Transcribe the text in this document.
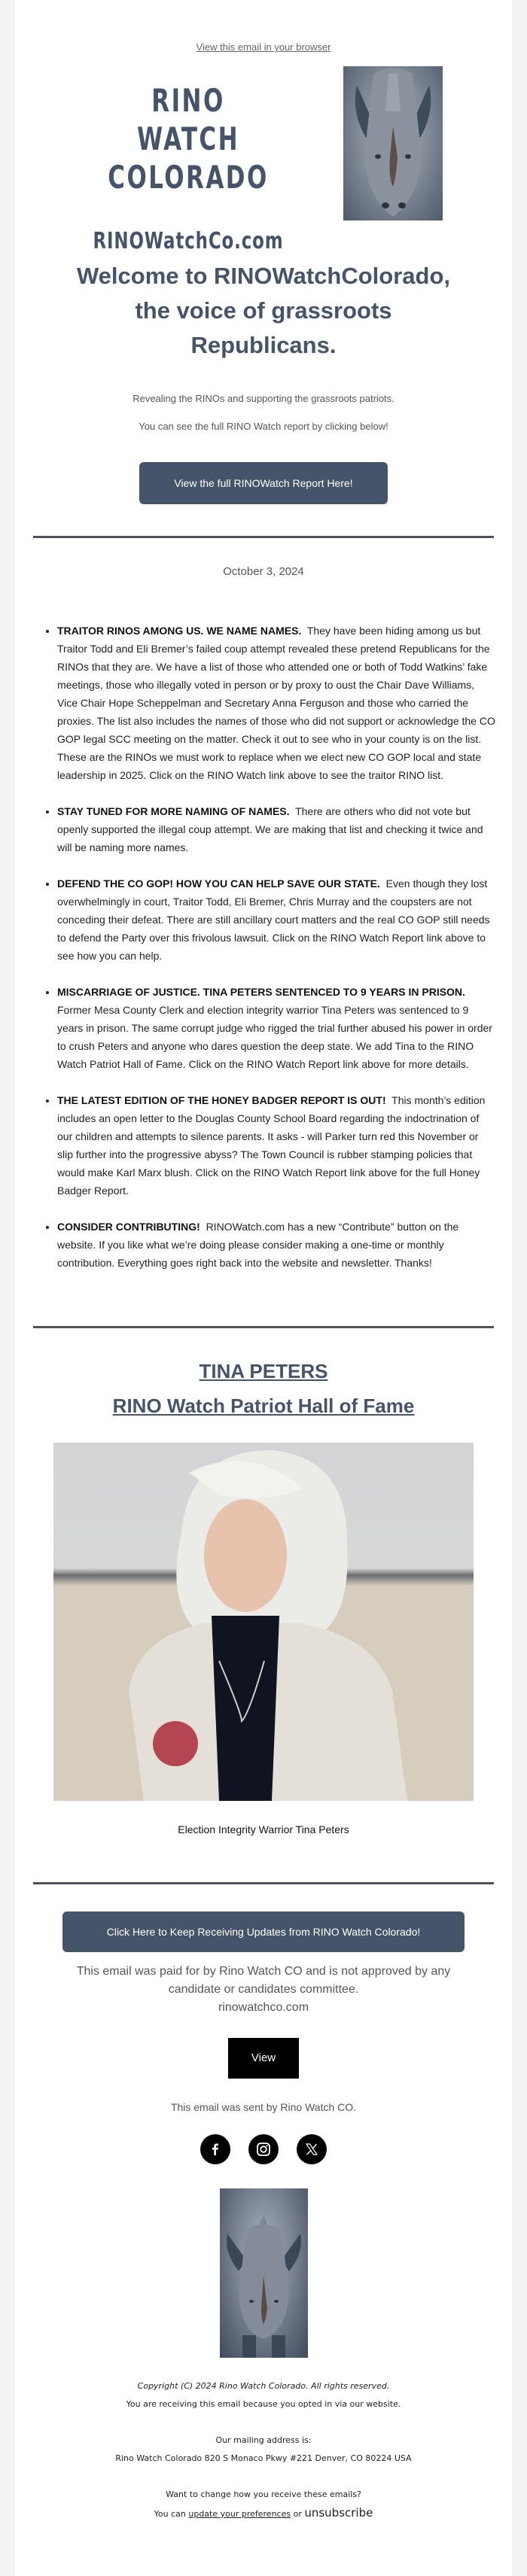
View this email in your browser
RINO WATCH
COLORADO
RINOWatchCo.com
Welcome to RINOWatchColorado, the voice of grassroots Republicans.
Revealing the RINOs and supporting the grassroots patriots.
You can see the full RINO Watch report by clicking below!
View the full RINOWatch Report Here!
October 3, 2024
• TRAITOR RINOS AMONG US. WE NAME NAMES. They have been hiding among us but Traitor Todd and Eli Bremer’s failed coup attempt revealed these pretend Republicans for the RINOs that they are. We have a list of those who attended one or both of Todd Watkins’ fake meetings, those who illegally voted in person or by proxy to oust the Chair Dave Williams, Vice Chair Hope Scheppelman and Secretary Anna Ferguson and those who carried the proxies. The list also includes the names of those who did not support or acknowledge the CO GOP legal SCC meeting on the matter. Check it out to see who in your county is on the list. These are the RINOs we must work to replace when we elect new CO GOP local and state leadership in 2025. Click on the RINO Watch link above to see the traitor RINO list.
• STAY TUNED FOR MORE NAMING OF NAMES. There are others who did not vote but openly supported the illegal coup attempt. We are making that list and checking it twice and will be naming more names.
• DEFEND THE CO GOP! HOW YOU CAN HELP SAVE OUR STATE. Even though they lost overwhelmingly in court, Traitor Todd, Eli Bremer, Chris Murray and the coupsters are not conceding their defeat. There are still ancillary court matters and the real CO GOP still needs to defend the Party over this frivolous lawsuit. Click on the RINO Watch Report link above to see how you can help.
• MISCARRIAGE OF JUSTICE. TINA PETERS SENTENCED TO 9 YEARS IN PRISON.  Former Mesa County Clerk and election integrity warrior Tina Peters was sentenced to 9 years in prison. The same corrupt judge who rigged the trial further abused his power in order to crush Peters and anyone who dares question the deep state. We add Tina to the RINO Watch Patriot Hall of Fame. Click on the RINO Watch Report link above for more details.
• THE LATEST EDITION OF THE HONEY BADGER REPORT IS OUT! This month’s edition includes an open letter to the Douglas County School Board regarding the indoctrination of our children and attempts to silence parents. It asks - will Parker turn red this November or slip further into the progressive abyss? The Town Council is rubber stamping policies that would make Karl Marx blush. Click on the RINO Watch Report link above for the full Honey Badger Report.
• CONSIDER CONTRIBUTING! RINOWatch.com has a new “Contribute” button on the website. If you like what we’re doing please consider making a one-time or monthly contribution. Everything goes right back into the website and newsletter. Thanks!
TINA PETERS
RINO Watch Patriot Hall of Fame
Election Integrity Warrior Tina Peters
Click Here to Keep Receiving Updates from RINO Watch Colorado!
This email was paid for by Rino Watch CO and is not approved by any candidate or candidates committee.
rinowatchco.com
View
This email was sent by Rino Watch CO.
Copyright (C) 2024 Rino Watch Colorado. All rights reserved.
You are receiving this email because you opted in via our website.
Our mailing address is:
Rino Watch Colorado 820 S Monaco Pkwy #221 Denver, CO 80224 USA
Want to change how you receive these emails?
You can update your preferences or unsubscribe
